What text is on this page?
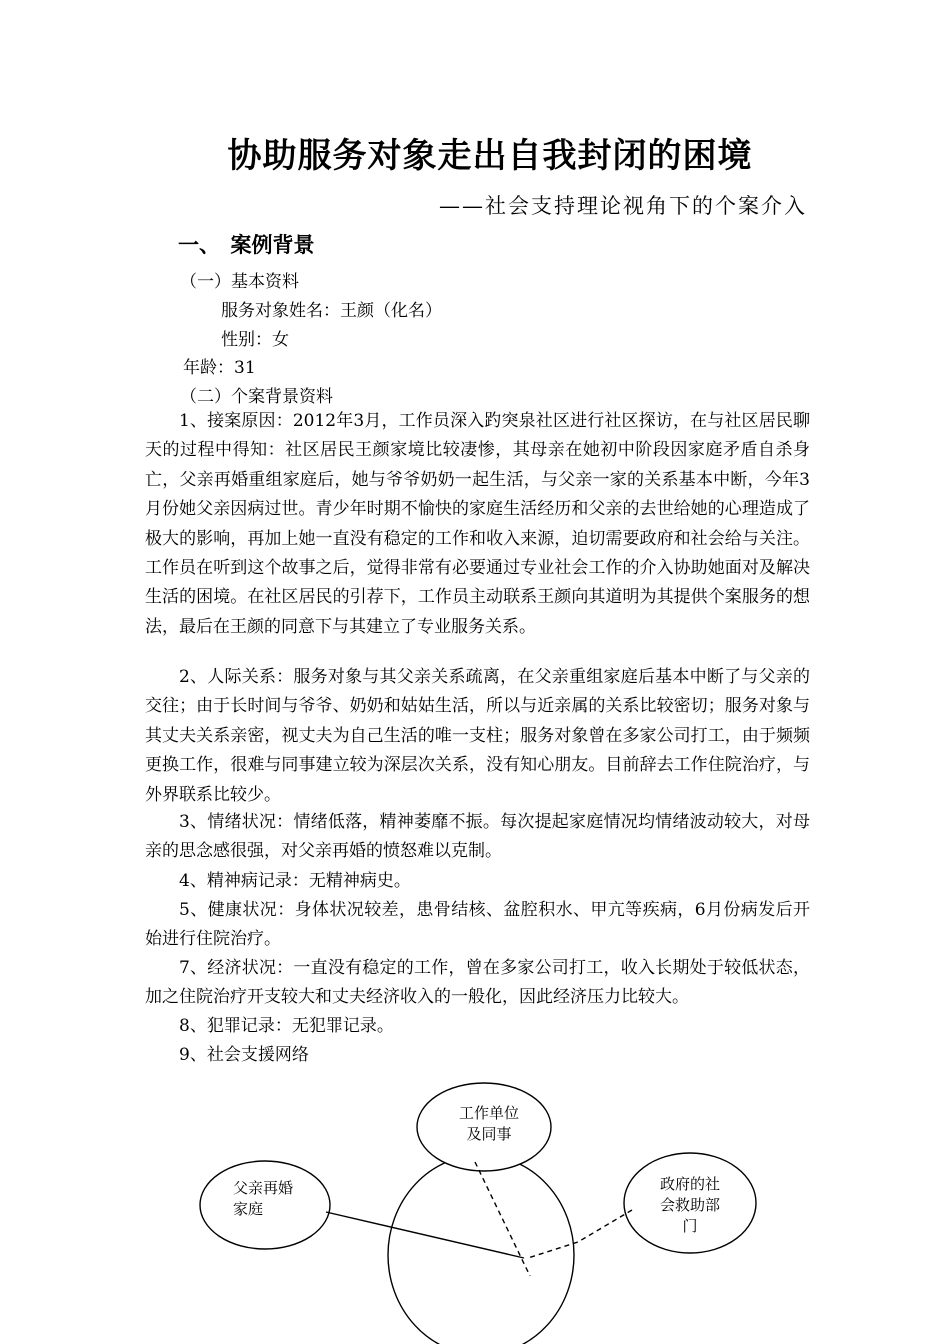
协助服务对象走出自我封闭的困境

——社会支持理论视角下的个案介入

一、　案例背景

（一）基本资料

服务对象姓名：王颜（化名）

性别：女

年龄：31

（二）个案背景资料

1、接案原因：2012年3月，工作员深入趵突泉社区进行社区探访，在与社区居民聊天的过程中得知：社区居民王颜家境比较凄惨，其母亲在她初中阶段因家庭矛盾自杀身亡，父亲再婚重组家庭后，她与爷爷奶奶一起生活，与父亲一家的关系基本中断，今年3月份她父亲因病过世。青少年时期不愉快的家庭生活经历和父亲的去世给她的心理造成了极大的影响，再加上她一直没有稳定的工作和收入来源，迫切需要政府和社会给与关注。工作员在听到这个故事之后，觉得非常有必要通过专业社会工作的介入协助她面对及解决生活的困境。在社区居民的引荐下，工作员主动联系王颜向其道明为其提供个案服务的想法，最后在王颜的同意下与其建立了专业服务关系。

2、人际关系：服务对象与其父亲关系疏离，在父亲重组家庭后基本中断了与父亲的交往；由于长时间与爷爷、奶奶和姑姑生活，所以与近亲属的关系比较密切；服务对象与其丈夫关系亲密，视丈夫为自己生活的唯一支柱；服务对象曾在多家公司打工，由于频频更换工作，很难与同事建立较为深层次关系，没有知心朋友。目前辞去工作住院治疗，与外界联系比较少。

3、情绪状况：情绪低落，精神萎靡不振。每次提起家庭情况均情绪波动较大，对母亲的思念感很强，对父亲再婚的愤怒难以克制。

4、精神病记录：无精神病史。

5、健康状况：身体状况较差，患骨结核、盆腔积水、甲亢等疾病，6月份病发后开始进行住院治疗。

7、经济状况：一直没有稳定的工作，曾在多家公司打工，收入长期处于较低状态，加之住院治疗开支较大和丈夫经济收入的一般化，因此经济压力比较大。

8、犯罪记录：无犯罪记录。

9、社会支援网络

工作单位
及同事
父亲再婚
家庭
政府的社
会救助部
门
